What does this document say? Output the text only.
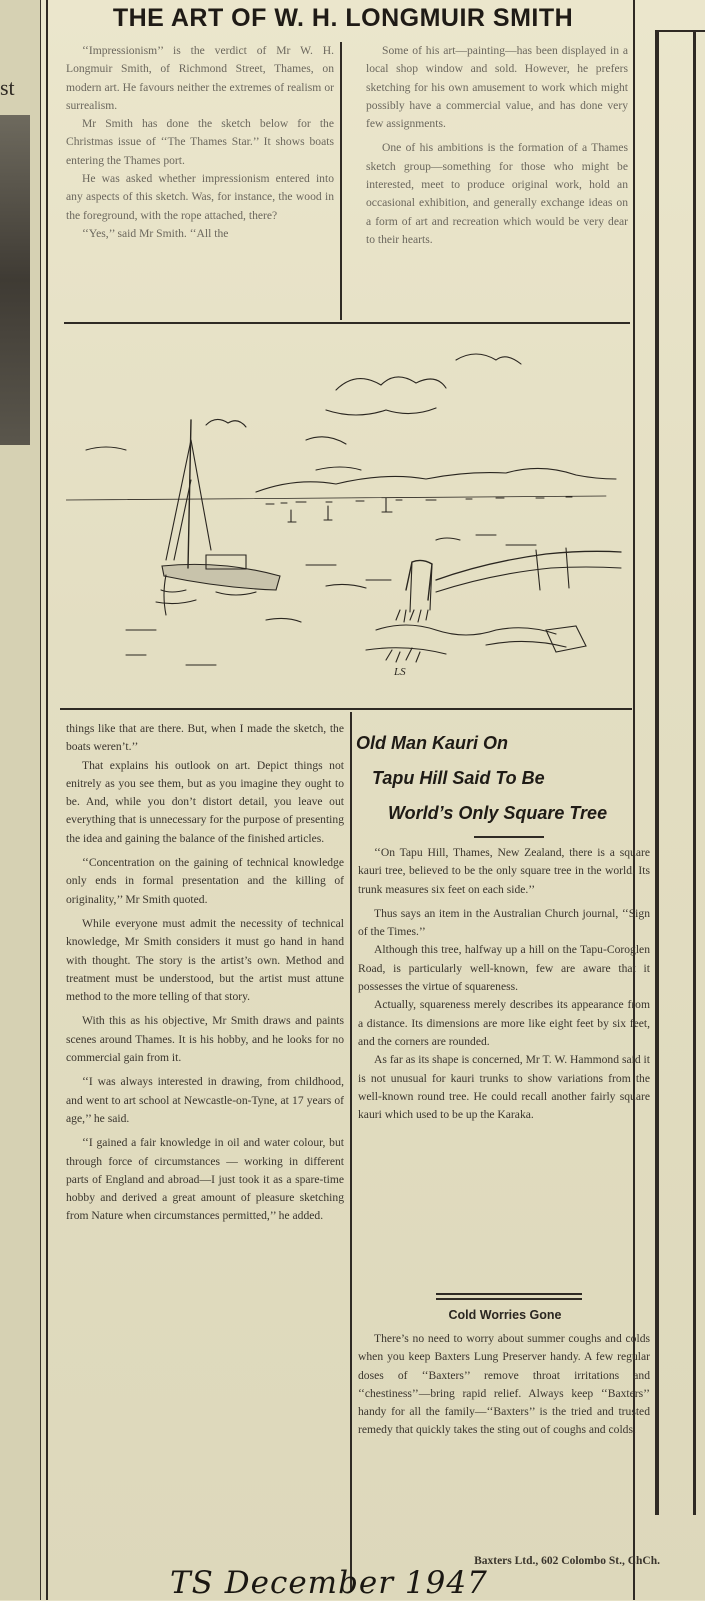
st
THE ART OF W. H. LONGMUIR SMITH

‘‘Impressionism’’ is the verdict of Mr W. H. Longmuir Smith, of Richmond Street, Thames, on modern art. He favours neither the extremes of realism or surrealism.

Mr Smith has done the sketch below for the Christmas issue of ‘‘The Thames Star.’’ It shows boats entering the Thames port.

He was asked whether impressionism entered into any aspects of this sketch. Was, for instance, the wood in the foreground, with the rope attached, there?

‘‘Yes,’’ said Mr Smith. ‘‘All the

Some of his art—painting—has been displayed in a local shop window and sold. However, he prefers sketching for his own amusement to work which might possibly have a commercial value, and has done very few assignments.

One of his ambitions is the formation of a Thames sketch group—something for those who might be interested, meet to produce original work, hold an occasional exhibition, and generally exchange ideas on a form of art and recreation which would be very dear to their hearts.

LS

things like that are there. But, when I made the sketch, the boats weren’t.’’

That explains his outlook on art. Depict things not enitrely as you see them, but as you imagine they ought to be. And, while you don’t distort detail, you leave out everything that is unnecessary for the purpose of presenting the idea and gaining the balance of the finished articles.

‘‘Concentration on the gaining of technical knowledge only ends in formal presentation and the killing of originality,’’ Mr Smith quoted.

While everyone must admit the necessity of technical knowledge, Mr Smith considers it must go hand in hand with thought. The story is the artist’s own. Method and treatment must be understood, but the artist must attune method to the more telling of that story.

With this as his objective, Mr Smith draws and paints scenes around Thames. It is his hobby, and he looks for no commercial gain from it.

‘‘I was always interested in drawing, from childhood, and went to art school at Newcastle-on-Tyne, at 17 years of age,’’ he said.

‘‘I gained a fair knowledge in oil and water colour, but through force of circumstances — working in different parts of England and abroad—I just took it as a spare-time hobby and derived a great amount of pleasure sketching from Nature when circumstances permitted,’’ he added.

Old Man Kauri On
Tapu Hill Said To Be
World’s Only Square Tree

‘‘On Tapu Hill, Thames, New Zealand, there is a square kauri tree, believed to be the only square tree in the world. Its trunk measures six feet on each side.’’

Thus says an item in the Australian Church journal, ‘‘Sign of the Times.’’

Although this tree, halfway up a hill on the Tapu-Coroglen Road, is particularly well-known, few are aware that it possesses the virtue of squareness.

Actually, squareness merely describes its appearance from a distance. Its dimensions are more like eight feet by six feet, and the corners are rounded.

As far as its shape is concerned, Mr T. W. Hammond said it is not unusual for kauri trunks to show variations from the well-known round tree. He could recall another fairly square kauri which used to be up the Karaka.

Cold Worries Gone

There’s no need to worry about summer coughs and colds when you keep Baxters Lung Preserver handy. A few regular doses of ‘‘Baxters’’ remove throat irritations and ‘‘chestiness’’—bring rapid relief. Always keep ‘‘Baxters’’ handy for all the family—‘‘Baxters’’ is the tried and trusted remedy that quickly takes the sting out of coughs and colds.

Baxters Ltd., 602 Colombo St., ChCh.
TS December 1947
